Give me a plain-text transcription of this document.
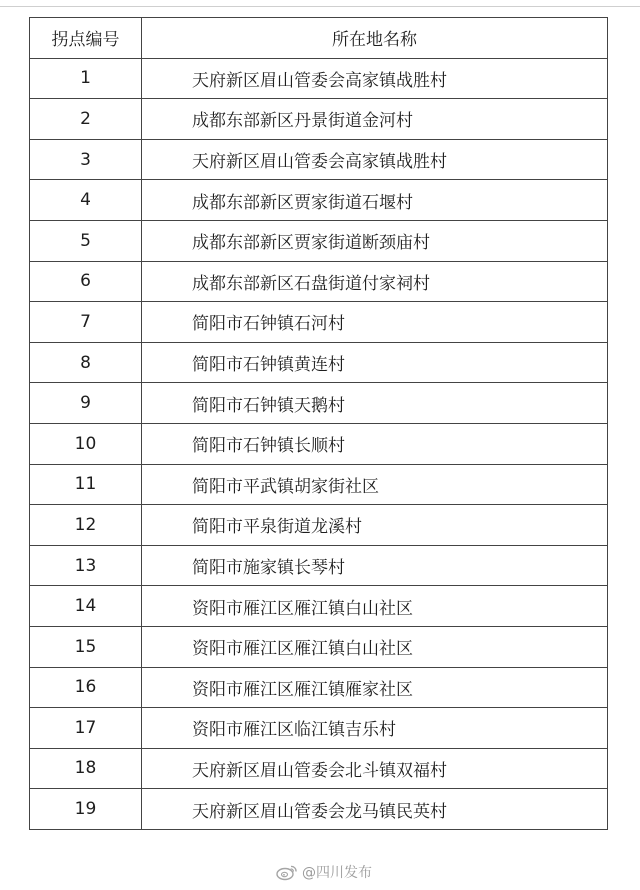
拐点编号	所在地名称
1	天府新区眉山管委会高家镇战胜村
2	成都东部新区丹景街道金河村
3	天府新区眉山管委会高家镇战胜村
4	成都东部新区贾家街道石堰村
5	成都东部新区贾家街道断颈庙村
6	成都东部新区石盘街道付家祠村
7	简阳市石钟镇石河村
8	简阳市石钟镇黄连村
9	简阳市石钟镇天鹅村
10	简阳市石钟镇长顺村
11	简阳市平武镇胡家街社区
12	简阳市平泉街道龙溪村
13	简阳市施家镇长琴村
14	资阳市雁江区雁江镇白山社区
15	资阳市雁江区雁江镇白山社区
16	资阳市雁江区雁江镇雁家社区
17	资阳市雁江区临江镇吉乐村
18	天府新区眉山管委会北斗镇双福村
19	天府新区眉山管委会龙马镇民英村
@四川发布
